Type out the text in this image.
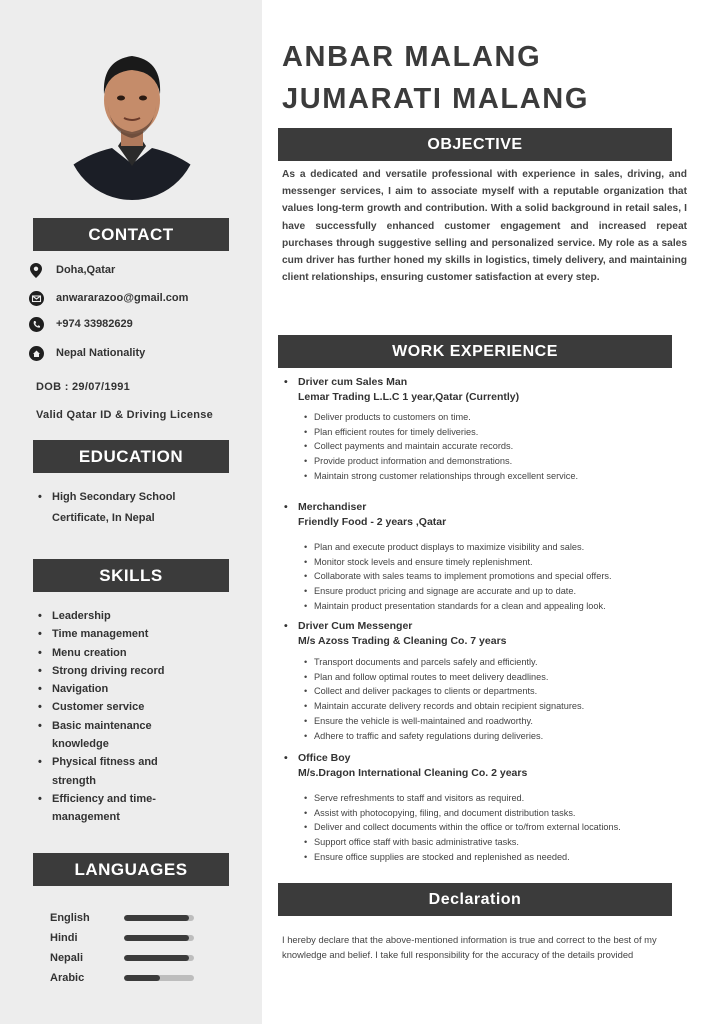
CONTACT
Doha,Qatar
anwararazoo@gmail.com
+974 33982629
Nepal Nationality
DOB : 29/07/1991
Valid Qatar ID & Driving License
EDUCATION
• High Secondary School
Certificate, In Nepal
SKILLS
• Leadership
• Time management
• Menu creation
• Strong driving record
• Navigation
• Customer service
• Basic maintenance
knowledge
• Physical fitness and
strength
• Efficiency and time-
management
LANGUAGES
English
Hindi
Nepali
Arabic
ANBAR MALANG
JUMARATI MALANG
OBJECTIVE
As a dedicated and versatile professional with experience in sales, driving, and messenger services, I aim to associate myself with a reputable organization that values long-term growth and contribution. With a solid background in retail sales, I have successfully enhanced customer engagement and increased repeat purchases through suggestive selling and personalized service. My role as a sales cum driver has further honed my skills in logistics, timely delivery, and maintaining client relationships, ensuring customer satisfaction at every step.
WORK EXPERIENCE
• Driver cum Sales Man
Lemar Trading L.L.C 1 year,Qatar (Currently)
• Deliver products to customers on time.
• Plan efficient routes for timely deliveries.
• Collect payments and maintain accurate records.
• Provide product information and demonstrations.
• Maintain strong customer relationships through excellent service.
• Merchandiser
Friendly Food - 2 years ,Qatar
• Plan and execute product displays to maximize visibility and sales.
• Monitor stock levels and ensure timely replenishment.
• Collaborate with sales teams to implement promotions and special offers.
• Ensure product pricing and signage are accurate and up to date.
• Maintain product presentation standards for a clean and appealing look.
• Driver Cum Messenger
M/s Azoss Trading & Cleaning Co. 7 years
• Transport documents and parcels safely and efficiently.
• Plan and follow optimal routes to meet delivery deadlines.
• Collect and deliver packages to clients or departments.
• Maintain accurate delivery records and obtain recipient signatures.
• Ensure the vehicle is well-maintained and roadworthy.
• Adhere to traffic and safety regulations during deliveries.
• Office Boy
M/s.Dragon International Cleaning Co. 2 years
• Serve refreshments to staff and visitors as required.
• Assist with photocopying, filing, and document distribution tasks.
• Deliver and collect documents within the office or to/from external locations.
• Support office staff with basic administrative tasks.
• Ensure office supplies are stocked and replenished as needed.
Declaration
I hereby declare that the above-mentioned information is true and correct to the best of my knowledge and belief. I take full responsibility for the accuracy of the details provided
